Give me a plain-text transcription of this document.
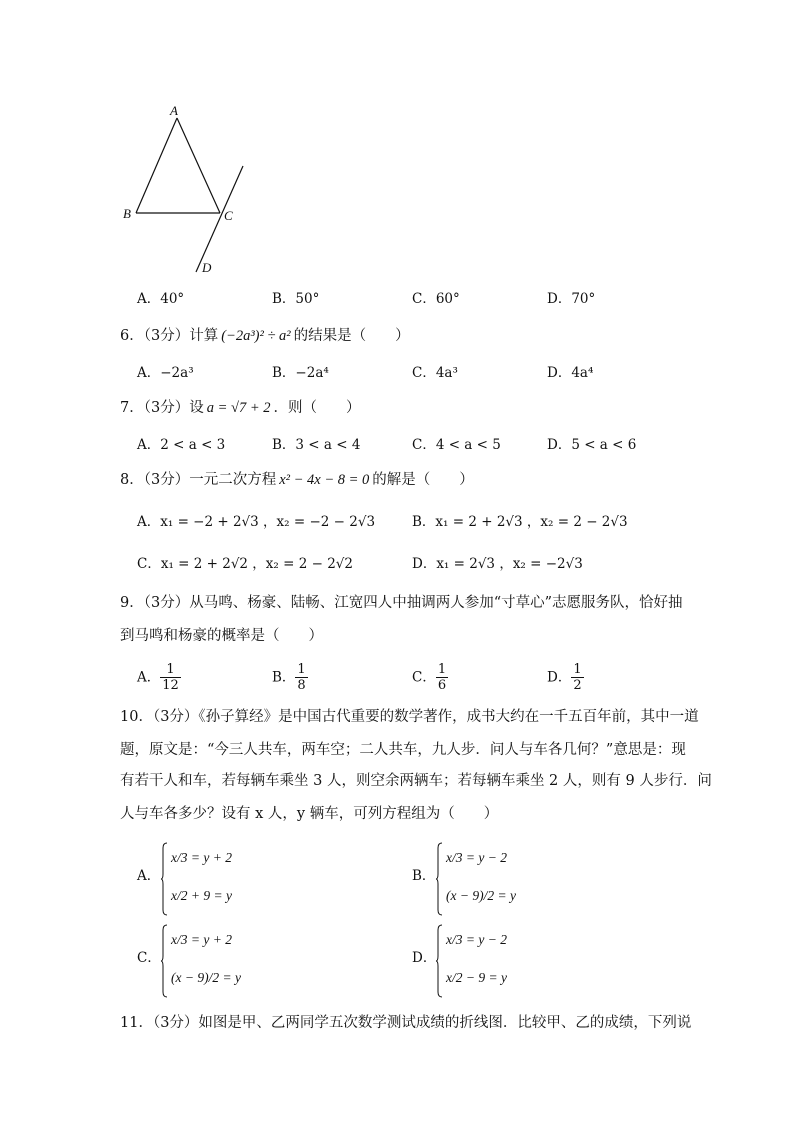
A
B	C
D
A．40°	B．50°	C．60°	D．70°
6．（3分）计算 (−2a³)² ÷ a² 的结果是（　　）
A．−2a³	B．−2a⁴	C．4a³	D．4a⁴
7．（3分）设 a = √7 + 2 ．则（　　）
A．2 < a < 3	B．3 < a < 4	C．4 < a < 5	D．5 < a < 6
8．（3分）一元二次方程 x² − 4x − 8 = 0 的解是（　　）
A．x₁ = −2 + 2√3 ，x₂ = −2 − 2√3	B．x₁ = 2 + 2√3 ，x₂ = 2 − 2√3
C．x₁ = 2 + 2√2 ，x₂ = 2 − 2√2	D．x₁ = 2√3 ，x₂ = −2√3
9．（3分）从马鸣、杨豪、陆畅、江宽四人中抽调两人参加“寸草心”志愿服务队，恰好抽
到马鸣和杨豪的概率是（　　）
A． $\frac{1}{12}$	B． $\frac{1}{8}$	C． $\frac{1}{6}$	D． $\frac{1}{2}$
10．（3分）《孙子算经》是中国古代重要的数学著作，成书大约在一千五百年前，其中一道
题，原文是：“今三人共车，两车空；二人共车，九人步．问人与车各几何？”意思是：现
有若干人和车，若每辆车乘坐 3 人，则空余两辆车；若每辆车乘坐 2 人，则有 9 人步行．问
人与车各多少？设有 x 人，y 辆车，可列方程组为（　　）
A．
x/3 = y + 2
x/2 + 9 = y
B．
x/3 = y − 2
(x − 9)/2 = y
C．
x/3 = y + 2
(x − 9)/2 = y
D．
x/3 = y − 2
x/2 − 9 = y
11．（3分）如图是甲、乙两同学五次数学测试成绩的折线图．比较甲、乙的成绩，下列说
